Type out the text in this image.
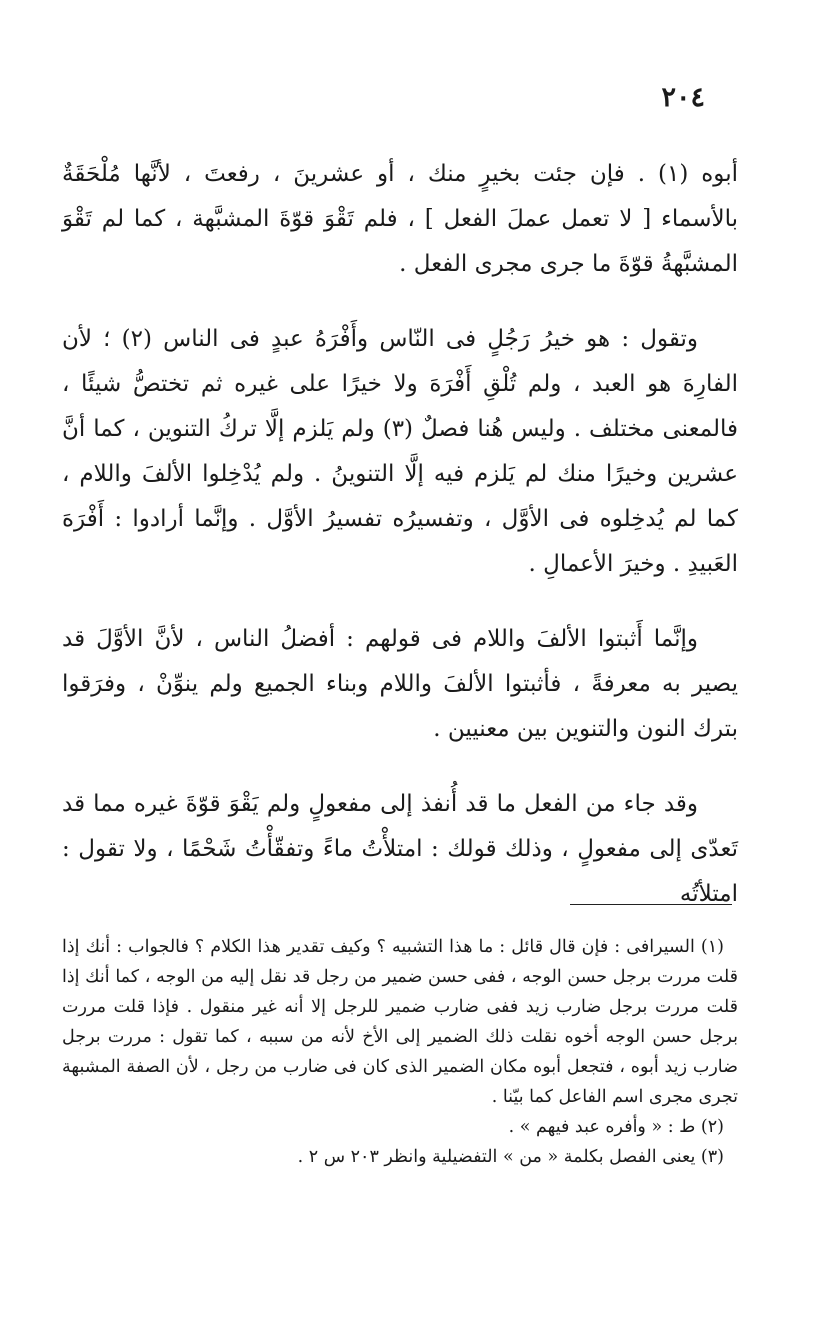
٢٠٤

أبوه (١) . فإن جئت بخيرٍ منك ، أو عشرينَ ، رفعتَ ، لأنَّها مُلْحَقَةٌ بالأسماء [ لا تعمل عملَ الفعل ] ، فلم تَقْوَ قوّةَ المشبَّهة ، كما لم تَقْوَ المشبَّهةُ قوّةَ ما جرى مجرى الفعل .

وتقول : هو خيرُ رَجُلٍ فى النّاس وأَفْرَهُ عبدٍ فى الناس (٢) ؛ لأن الفارِهَ هو العبد ، ولم تُلْقِ أَفْرَهَ ولا خيرًا على غيره ثم تختصُّ شيئًا ، فالمعنى مختلف . وليس هُنا فصلٌ (٣) ولم يَلزم إلَّا تركُ التنوين ، كما أنَّ عشرين وخيرًا منك لم يَلزم فيه إلَّا التنوينُ . ولم يُدْخِلوا الألفَ واللام ، كما لم يُدخِلوه فى الأوَّل ، وتفسيرُه تفسيرُ الأوَّل . وإنَّما أرادوا : أَفْرَهَ العَبيدِ . وخيرَ الأعمالِ .

وإنَّما أَثبتوا الألفَ واللام فى قولهم : أفضلُ الناس ، لأنَّ الأوَّلَ قد يصير به معرفةً ، فأثبتوا الألفَ واللام وبناء الجميع ولم ينوِّنْ ، وفرَقوا بترك النون والتنوين بين معنيين .

وقد جاء من الفعل ما قد أُنفذ إلى مفعولٍ ولم يَقْوَ قوّةَ غيره مما قد تَعدّى إلى مفعولٍ ، وذلك قولك : امتلأْتُ ماءً وتفقّأْتُ شَحْمًا ، ولا تقول : امتلأتُه

(١) السيرافى : فإن قال قائل : ما هذا التشبيه ؟ وكيف تقدير هذا الكلام ؟ فالجواب : أنك إذا قلت مررت برجل حسن الوجه ، ففى حسن ضمير من رجل قد نقل إليه من الوجه ، كما أنك إذا قلت مررت برجل ضارب زيد ففى ضارب ضمير للرجل إلا أنه غير منقول . فإذا قلت مررت برجل حسن الوجه أخوه نقلت ذلك الضمير إلى الأخ لأنه من سببه ، كما تقول : مررت برجل ضارب زيد أبوه ، فتجعل أبوه مكان الضمير الذى كان فى ضارب من رجل ، لأن الصفة المشبهة تجرى مجرى اسم الفاعل كما بيّنا .

(٢) ط : « وأفره عبد فيهم » .

(٣) يعنى الفصل بكلمة « من » التفضيلية وانظر ٢٠٣ س ٢ .
